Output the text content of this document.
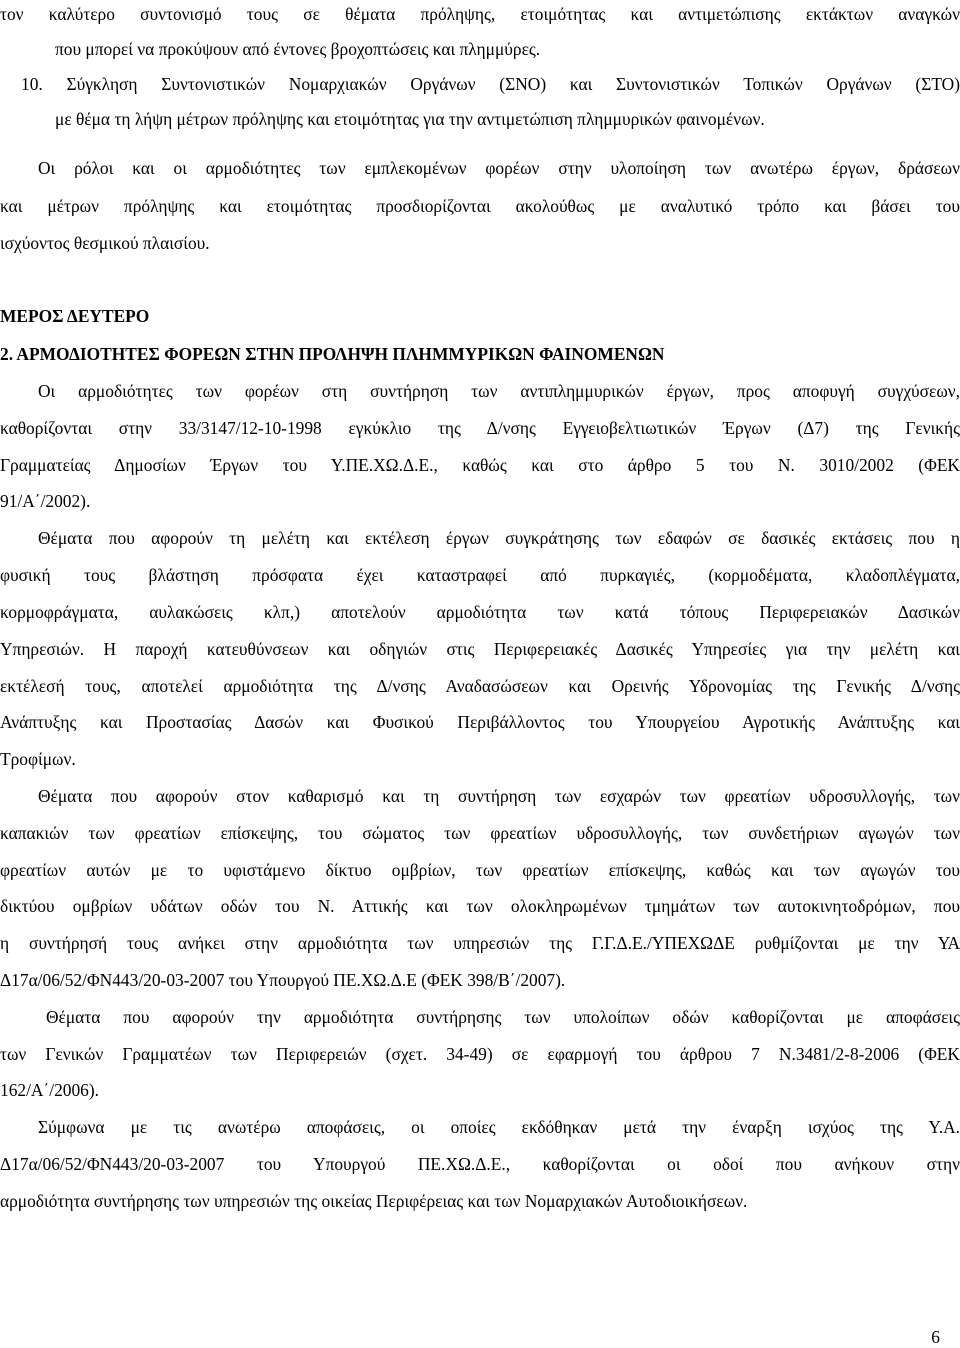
τον καλύτερο συντονισμό τους σε θέματα πρόληψης, ετοιμότητας και αντιμετώπισης εκτάκτων αναγκών
που μπορεί να προκύψουν από έντονες βροχοπτώσεις και πλημμύρες.
10. Σύγκληση Συντονιστικών Νομαρχιακών Οργάνων (ΣΝΟ) και Συντονιστικών Τοπικών Οργάνων (ΣΤΟ)
με θέμα τη λήψη μέτρων πρόληψης και ετοιμότητας για την αντιμετώπιση πλημμυρικών φαινομένων.
Οι ρόλοι και οι αρμοδιότητες των εμπλεκομένων φορέων στην υλοποίηση των ανωτέρω έργων, δράσεων
και μέτρων πρόληψης και ετοιμότητας προσδιορίζονται ακολούθως με αναλυτικό τρόπο και βάσει του
ισχύοντος θεσμικού πλαισίου.
ΜΕΡΟΣ ΔΕΥΤΕΡΟ
2. ΑΡΜΟΔΙΟΤΗΤΕΣ ΦΟΡΕΩΝ ΣΤΗΝ ΠΡΟΛΗΨΗ ΠΛΗΜΜΥΡΙΚΩΝ ΦΑΙΝΟΜΕΝΩΝ
Οι αρμοδιότητες των φορέων στη συντήρηση των αντιπλημμυρικών έργων, προς αποφυγή συγχύσεων,
καθορίζονται στην 33/3147/12-10-1998 εγκύκλιο της Δ/νσης Εγγειοβελτιωτικών Έργων (Δ7) της Γενικής
Γραμματείας Δημοσίων Έργων του Υ.ΠΕ.ΧΩ.Δ.Ε., καθώς και στο άρθρο 5 του Ν. 3010/2002 (ΦΕΚ
91/Α΄/2002).
Θέματα που αφορούν τη μελέτη και εκτέλεση έργων συγκράτησης των εδαφών σε δασικές εκτάσεις που η
φυσική τους βλάστηση πρόσφατα έχει καταστραφεί από πυρκαγιές, (κορμοδέματα, κλαδοπλέγματα,
κορμοφράγματα, αυλακώσεις κλπ,) αποτελούν αρμοδιότητα των κατά τόπους Περιφερειακών Δασικών
Υπηρεσιών. Η παροχή κατευθύνσεων και οδηγιών στις Περιφερειακές Δασικές Υπηρεσίες για την μελέτη και
εκτέλεσή τους, αποτελεί αρμοδιότητα της Δ/νσης Αναδασώσεων και Ορεινής Υδρονομίας της Γενικής Δ/νσης
Ανάπτυξης και Προστασίας Δασών και Φυσικού Περιβάλλοντος του Υπουργείου Αγροτικής Ανάπτυξης και
Τροφίμων.
Θέματα που αφορούν στον καθαρισμό και τη συντήρηση των εσχαρών των φρεατίων υδροσυλλογής, των
καπακιών των φρεατίων επίσκεψης, του σώματος των φρεατίων υδροσυλλογής, των συνδετήριων αγωγών των
φρεατίων αυτών με το υφιστάμενο δίκτυο ομβρίων, των φρεατίων επίσκεψης, καθώς και των αγωγών του
δικτύου ομβρίων υδάτων οδών του Ν. Αττικής και των ολοκληρωμένων τμημάτων των αυτοκινητοδρόμων, που
η συντήρησή τους ανήκει στην αρμοδιότητα των υπηρεσιών της Γ.Γ.Δ.Ε./ΥΠΕΧΩΔΕ ρυθμίζονται με την ΥΑ
Δ17α/06/52/ΦΝ443/20-03-2007 του Υπουργού ΠΕ.ΧΩ.Δ.Ε (ΦΕΚ 398/Β΄/2007).
Θέματα που αφορούν την αρμοδιότητα συντήρησης των υπολοίπων οδών καθορίζονται με αποφάσεις
των Γενικών Γραμματέων των Περιφερειών (σχετ. 34-49) σε εφαρμογή του άρθρου 7 Ν.3481/2-8-2006 (ΦΕΚ
162/Α΄/2006).
Σύμφωνα με τις ανωτέρω αποφάσεις, οι οποίες εκδόθηκαν μετά την έναρξη ισχύος της Υ.Α.
Δ17α/06/52/ΦΝ443/20-03-2007 του Υπουργού ΠΕ.ΧΩ.Δ.Ε., καθορίζονται οι οδοί που ανήκουν στην
αρμοδιότητα συντήρησης των υπηρεσιών της οικείας Περιφέρειας και των Νομαρχιακών Αυτοδιοικήσεων.
6
